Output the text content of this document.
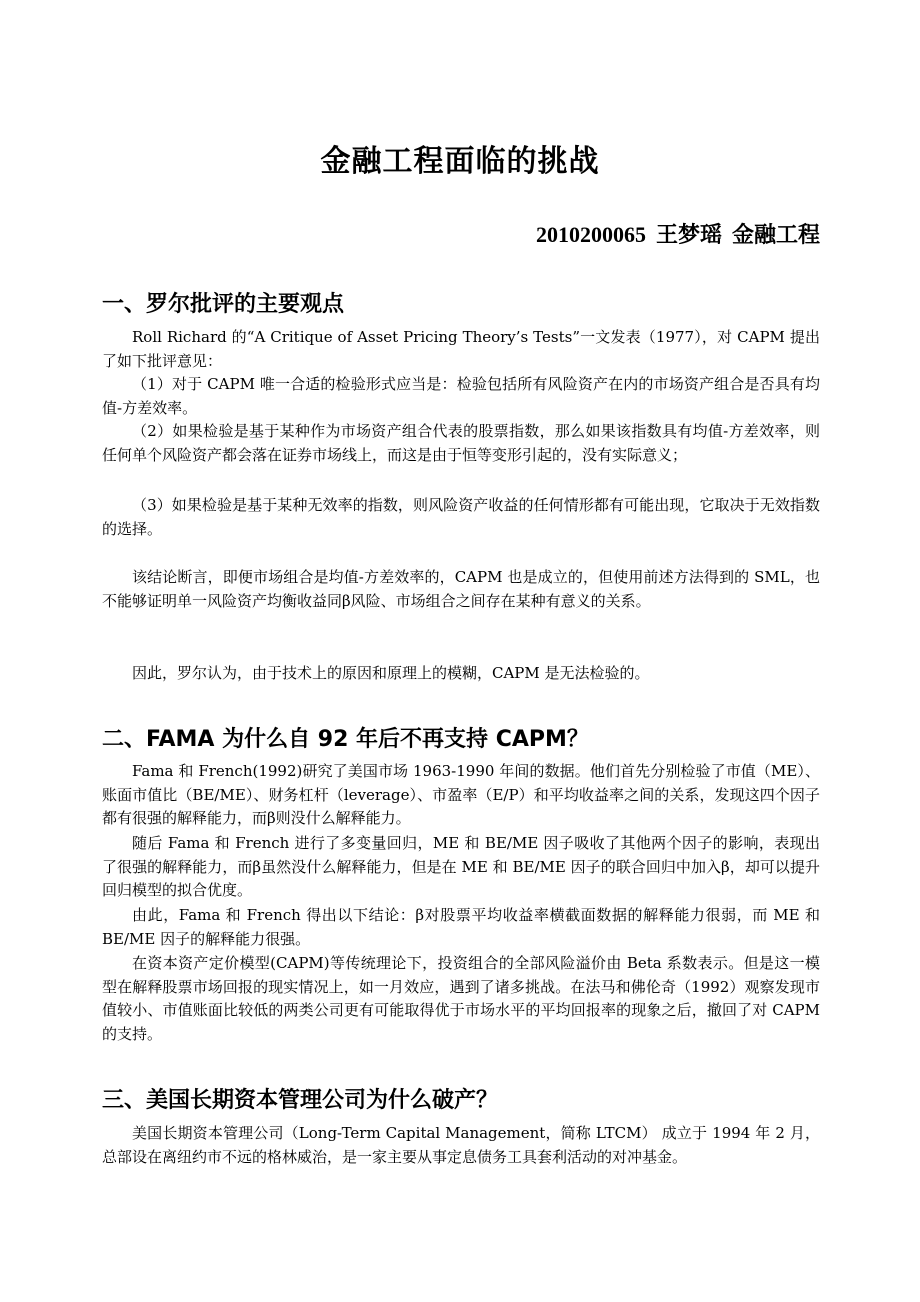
金融工程面临的挑战
2010200065 王梦瑶 金融工程
一、罗尔批评的主要观点
Roll Richard 的“A Critique of Asset Pricing Theory’s Tests”一文发表（1977），对 CAPM 提出了如下批评意见：
（1）对于 CAPM 唯一合适的检验形式应当是：检验包括所有风险资产在内的市场资产组合是否具有均值-方差效率。
（2）如果检验是基于某种作为市场资产组合代表的股票指数，那么如果该指数具有均值-方差效率，则任何单个风险资产都会落在证券市场线上，而这是由于恒等变形引起的，没有实际意义；
（3）如果检验是基于某种无效率的指数，则风险资产收益的任何情形都有可能出现，它取决于无效指数的选择。
该结论断言，即便市场组合是均值-方差效率的，CAPM 也是成立的，但使用前述方法得到的 SML，也不能够证明单一风险资产均衡收益同β风险、市场组合之间存在某种有意义的关系。
因此，罗尔认为，由于技术上的原因和原理上的模糊，CAPM 是无法检验的。
二、FAMA 为什么自 92 年后不再支持 CAPM？
Fama 和 French(1992)研究了美国市场 1963-1990 年间的数据。他们首先分别检验了市值（ME）、账面市值比（BE/ME）、财务杠杆（leverage）、市盈率（E/P）和平均收益率之间的关系，发现这四个因子都有很强的解释能力，而β则没什么解释能力。
随后 Fama 和 French 进行了多变量回归，ME 和 BE/ME 因子吸收了其他两个因子的影响，表现出了很强的解释能力，而β虽然没什么解释能力，但是在 ME 和 BE/ME 因子的联合回归中加入β，却可以提升回归模型的拟合优度。
由此，Fama 和 French 得出以下结论：β对股票平均收益率横截面数据的解释能力很弱，而 ME 和 BE/ME 因子的解释能力很强。
在资本资产定价模型(CAPM)等传统理论下，投资组合的全部风险溢价由 Beta 系数表示。但是这一模型在解释股票市场回报的现实情况上，如一月效应，遇到了诸多挑战。在法马和佛伦奇（1992）观察发现市值较小、市值账面比较低的两类公司更有可能取得优于市场水平的平均回报率的现象之后，撤回了对 CAPM 的支持。
三、美国长期资本管理公司为什么破产？
美国长期资本管理公司（Long-Term Capital Management，简称 LTCM） 成立于 1994 年 2 月，总部设在离纽约市不远的格林威治，是一家主要从事定息债务工具套利活动的对冲基金。
